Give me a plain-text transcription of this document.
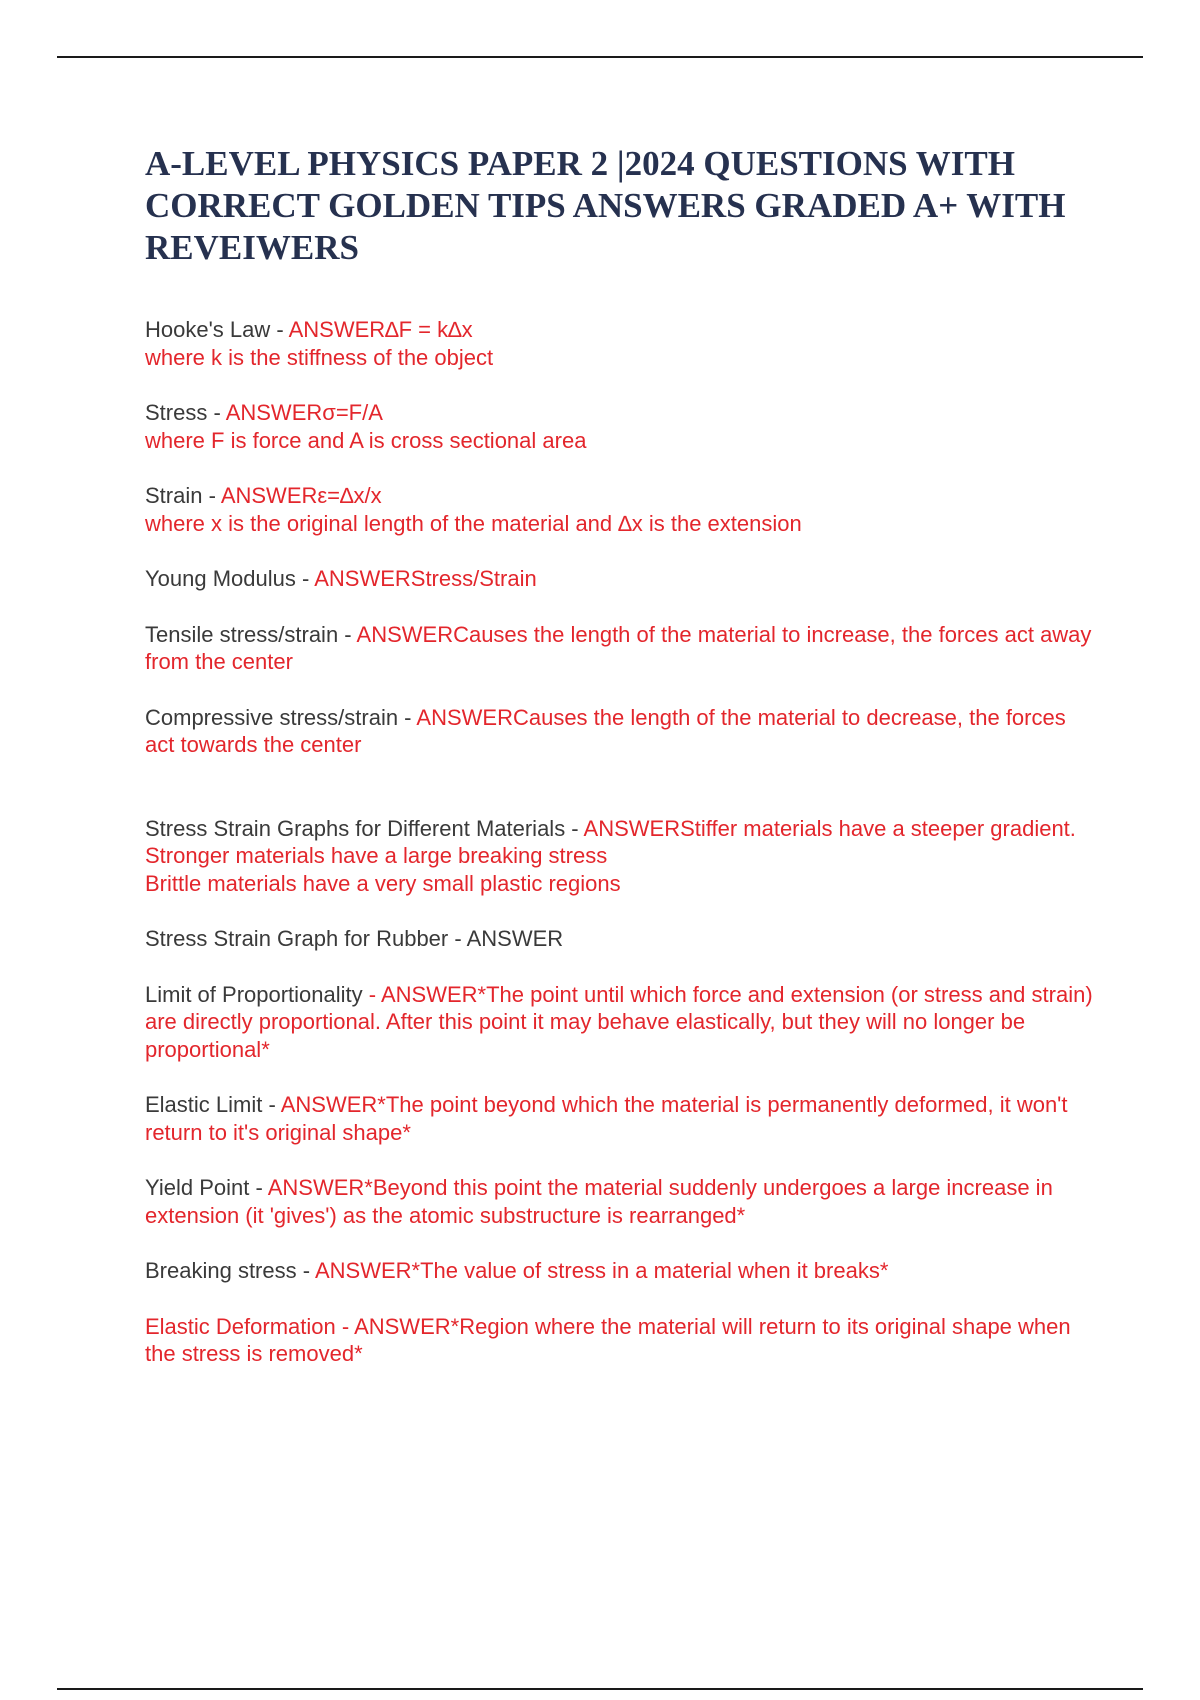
A-LEVEL PHYSICS PAPER 2 |2024 QUESTIONS WITH CORRECT GOLDEN TIPS ANSWERS GRADED A+ WITH REVEIWERS
Hooke's Law - ANSWER∆F = k∆x
where k is the stiffness of the object
Stress - ANSWERσ=F/A
where F is force and A is cross sectional area
Strain - ANSWERε=∆x/x
where x is the original length of the material and ∆x is the extension
Young Modulus - ANSWERStress/Strain
Tensile stress/strain - ANSWERCauses the length of the material to increase, the forces act away from the center
Compressive stress/strain - ANSWERCauses the length of the material to decrease, the forces act towards the center
Stress Strain Graphs for Different Materials - ANSWERStiffer materials have a steeper gradient.
Stronger materials have a large breaking stress
Brittle materials have a very small plastic regions
Stress Strain Graph for Rubber - ANSWER
Limit of Proportionality - ANSWER*The point until which force and extension (or stress and strain) are directly proportional. After this point it may behave elastically, but they will no longer be proportional*
Elastic Limit - ANSWER*The point beyond which the material is permanently deformed, it won't return to it's original shape*
Yield Point - ANSWER*Beyond this point the material suddenly undergoes a large increase in extension (it 'gives') as the atomic substructure is rearranged*
Breaking stress - ANSWER*The value of stress in a material when it breaks*
Elastic Deformation - ANSWER*Region where the material will return to its original shape when the stress is removed*
